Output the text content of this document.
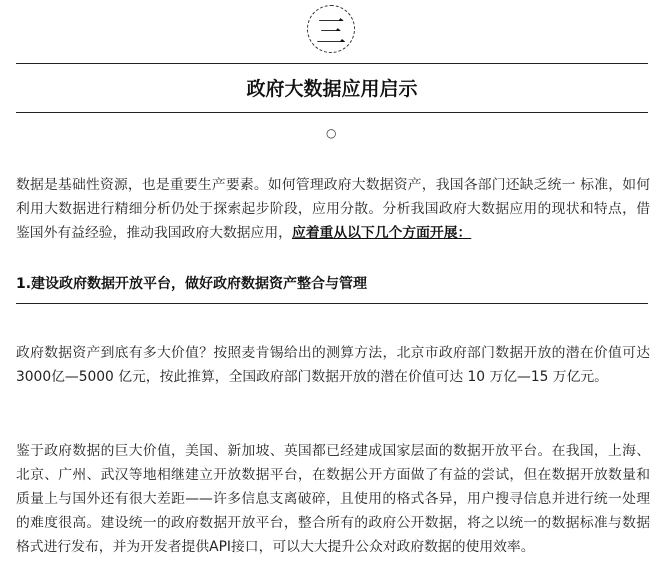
三
政府大数据应用启示
○

数据是基础性资源，也是重要生产要素。如何管理政府大数据资产，我国各部门还缺乏统一 标准，如何利用大数据进行精细分析仍处于探索起步阶段，应用分散。分析我国政府大数据应用的现状和特点，借鉴国外有益经验，推动我国政府大数据应用，应着重从以下几个方面开展：

1.建设政府数据开放平台，做好政府数据资产整合与管理

政府数据资产到底有多大价值？按照麦肯锡给出的测算方法，北京市政府部门数据开放的潜在价值可达 3000亿—5000 亿元，按此推算，全国政府部门数据开放的潜在价值可达 10 万亿—15 万亿元。

鉴于政府数据的巨大价值，美国、新加坡、英国都已经建成国家层面的数据开放平台。在我国，上海、北京、广州、武汉等地相继建立开放数据平台，在数据公开方面做了有益的尝试，但在数据开放数量和质量上与国外还有很大差距——许多信息支离破碎，且使用的格式各异，用户搜寻信息并进行统一处理的难度很高。建设统一的政府数据开放平台，整合所有的政府公开数据，将之以统一的数据标准与数据格式进行发布，并为开发者提供API接口，可以大大提升公众对政府数据的使用效率。
